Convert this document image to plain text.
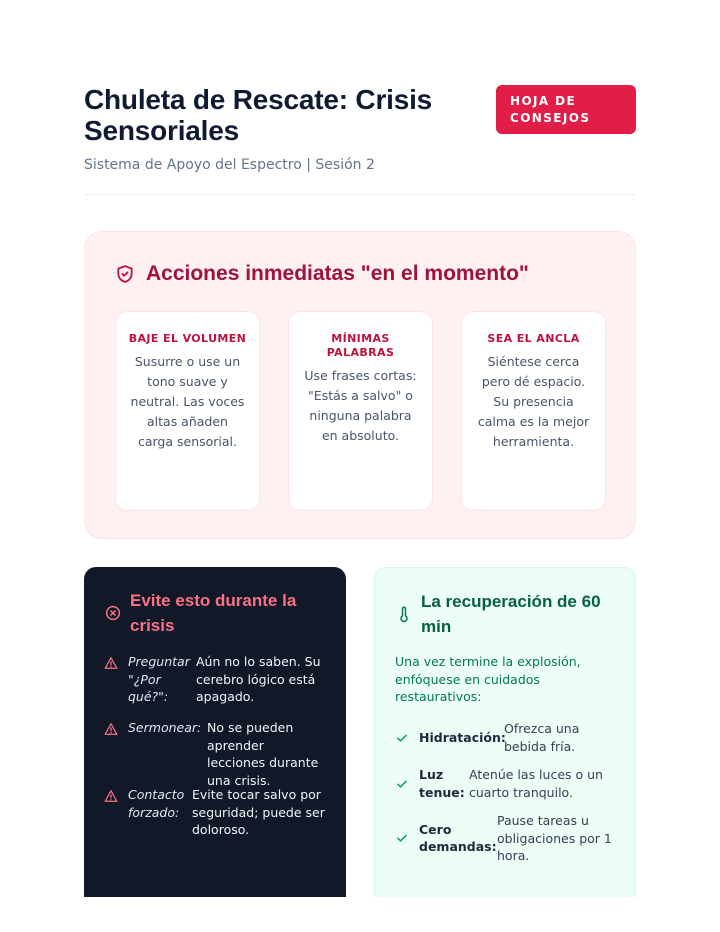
Chuleta de Rescate: Crisis Sensoriales
Sistema de Apoyo del Espectro | Sesión 2
HOJA DE CONSEJOS
Acciones inmediatas "en el momento"
BAJE EL VOLUMEN
Susurre o use un tono suave y neutral. Las voces altas añaden carga sensorial.
MÍNIMAS PALABRAS
Use frases cortas: "Estás a salvo" o ninguna palabra en absoluto.
SEA EL ANCLA
Siéntese cerca pero dé espacio. Su presencia calma es la mejor herramienta.
Evite esto durante la crisis
Preguntar "¿Por qué?":
Aún no lo saben. Su cerebro lógico está apagado.
Sermonear: No se pueden aprender lecciones durante una crisis.
Contacto forzado:
Evite tocar salvo por seguridad; puede ser doloroso.
La recuperación de 60 min

Una vez termine la explosión, enfóquese en cuidados restaurativos:

Hidratación:
Ofrezca una bebida fría.
Luz tenue:
Atenúe las luces o un cuarto tranquilo.
Cero demandas:
Pause tareas u obligaciones por 1 hora.
